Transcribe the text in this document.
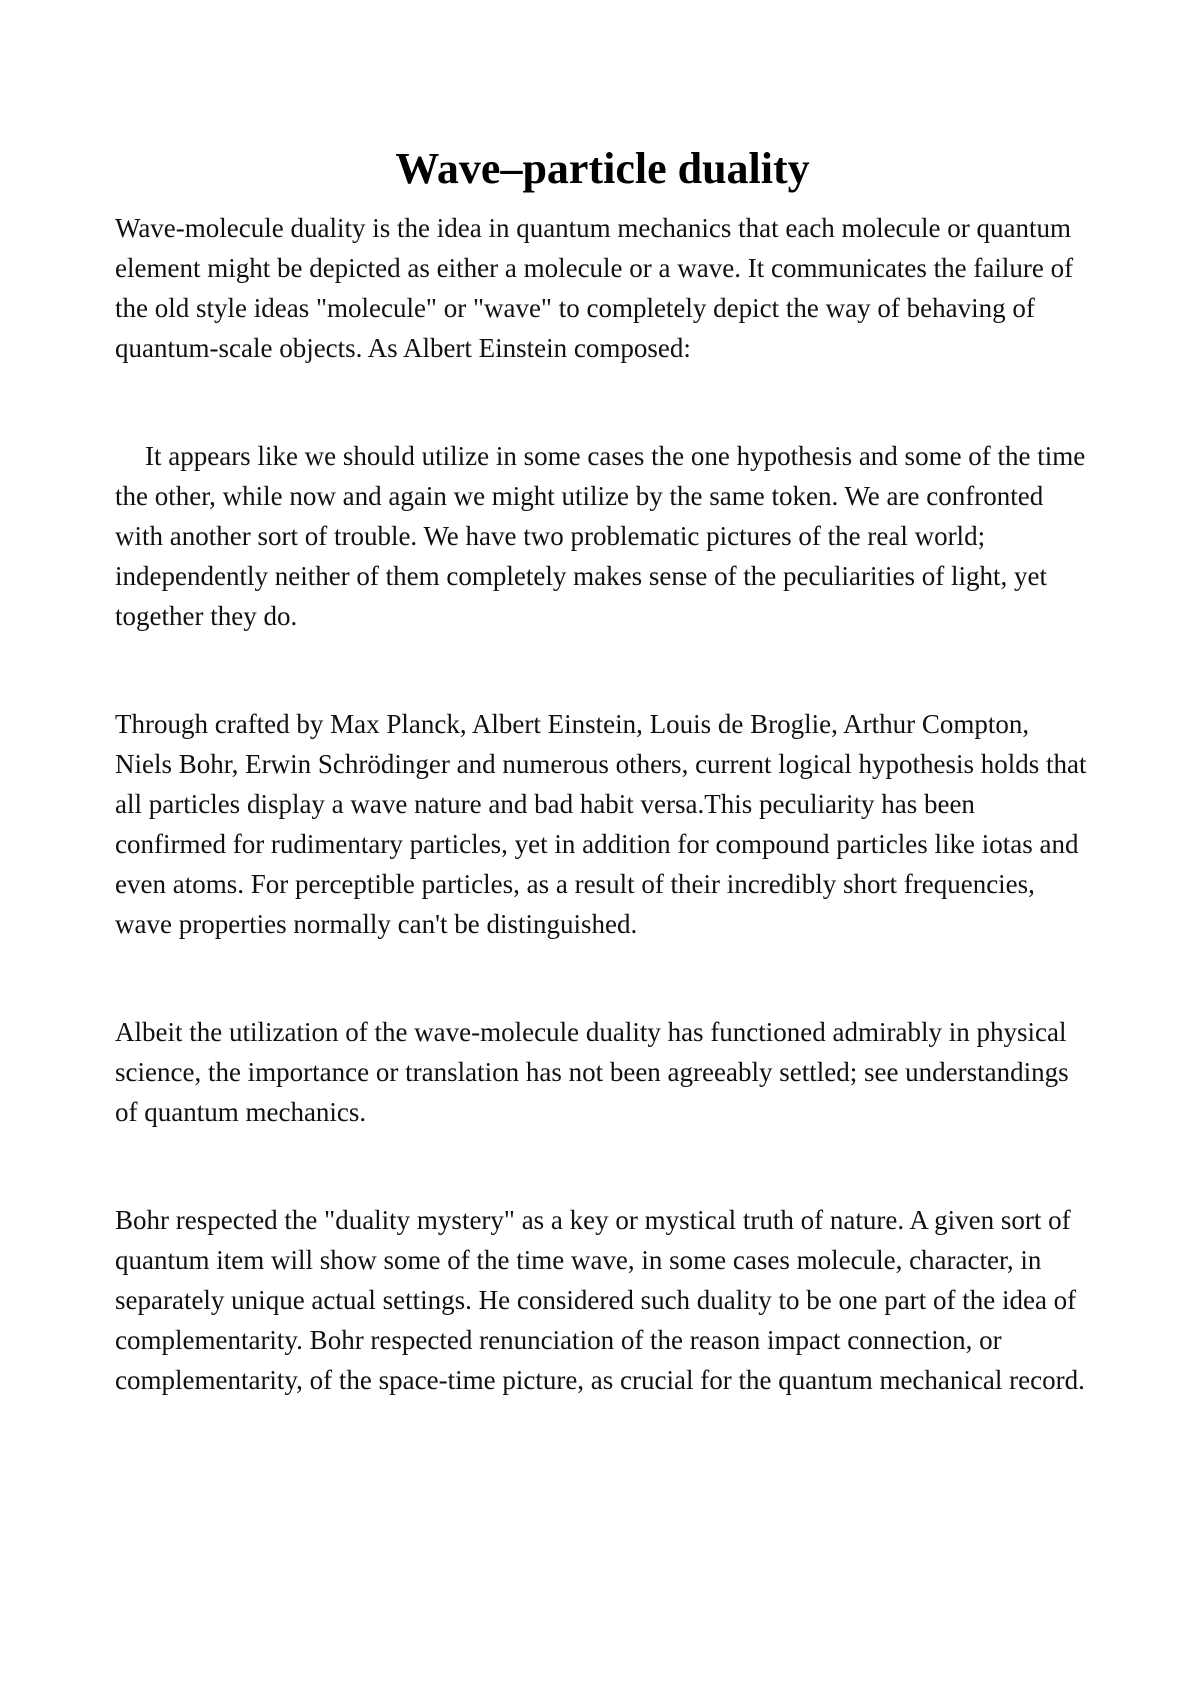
Wave–particle duality

Wave-molecule duality is the idea in quantum mechanics that each molecule or quantum element might be depicted as either a molecule or a wave. It communicates the failure of the old style ideas "molecule" or "wave" to completely depict the way of behaving of quantum-scale objects. As Albert Einstein composed:

It appears like we should utilize in some cases the one hypothesis and some of the time the other, while now and again we might utilize by the same token. We are confronted with another sort of trouble. We have two problematic pictures of the real world; independently neither of them completely makes sense of the peculiarities of light, yet together they do.

Through crafted by Max Planck, Albert Einstein, Louis de Broglie, Arthur Compton, Niels Bohr, Erwin Schrödinger and numerous others, current logical hypothesis holds that all particles display a wave nature and bad habit versa.This peculiarity has been confirmed for rudimentary particles, yet in addition for compound particles like iotas and even atoms. For perceptible particles, as a result of their incredibly short frequencies, wave properties normally can't be distinguished.

Albeit the utilization of the wave-molecule duality has functioned admirably in physical science, the importance or translation has not been agreeably settled; see understandings of quantum mechanics.

Bohr respected the "duality mystery" as a key or mystical truth of nature. A given sort of quantum item will show some of the time wave, in some cases molecule, character, in separately unique actual settings. He considered such duality to be one part of the idea of complementarity. Bohr respected renunciation of the reason impact connection, or complementarity, of the space-time picture, as crucial for the quantum mechanical record.
